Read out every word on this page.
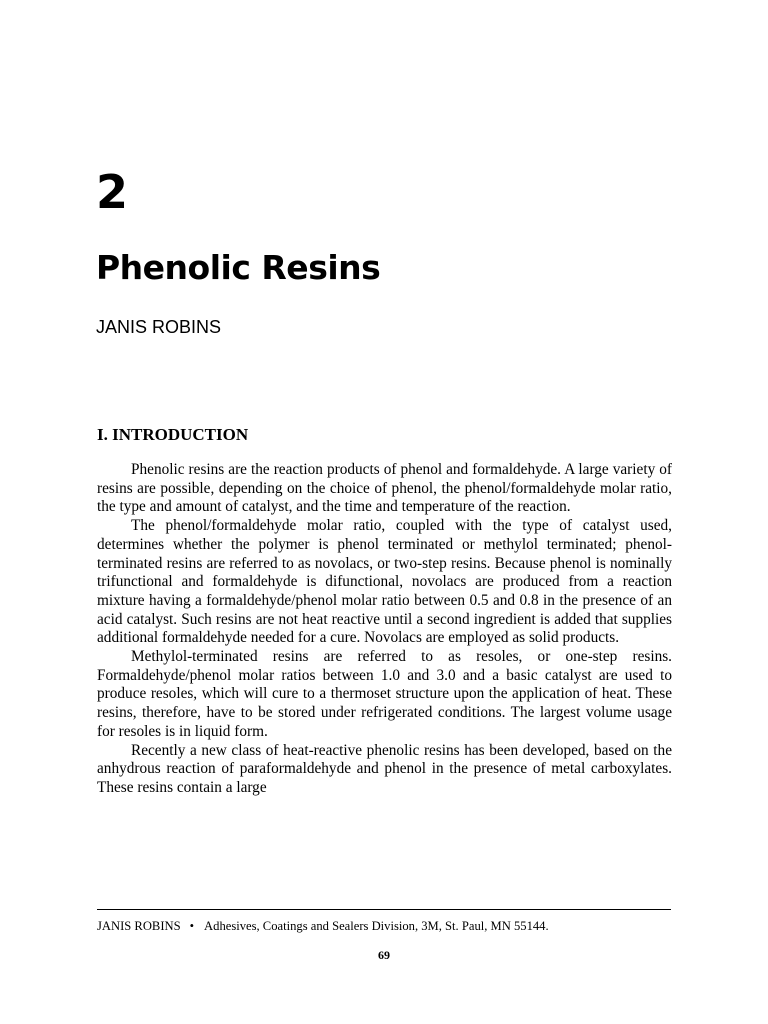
2
Phenolic Resins
JANIS ROBINS
I. INTRODUCTION

Phenolic resins are the reaction products of phenol and formaldehyde. A large variety of resins are possible, depending on the choice of phenol, the phenol/formaldehyde molar ratio, the type and amount of catalyst, and the time and temperature of the reaction.

The phenol/formaldehyde molar ratio, coupled with the type of catalyst used, determines whether the polymer is phenol terminated or methylol terminated; phenol-terminated resins are referred to as novolacs, or two-step resins. Because phenol is nominally trifunctional and formaldehyde is difunctional, novolacs are produced from a reaction mixture having a formaldehyde/phenol molar ratio between 0.5 and 0.8 in the presence of an acid catalyst. Such resins are not heat reactive until a second ingredient is added that supplies additional formaldehyde needed for a cure. Novolacs are employed as solid products.

Methylol-terminated resins are referred to as resoles, or one-step resins. Formaldehyde/phenol molar ratios between 1.0 and 3.0 and a basic catalyst are used to produce resoles, which will cure to a thermoset structure upon the application of heat. These resins, therefore, have to be stored under refrigerated conditions. The largest volume usage for resoles is in liquid form.

Recently a new class of heat-reactive phenolic resins has been developed, based on the anhydrous reaction of paraformaldehyde and phenol in the presence of metal carboxylates. These resins contain a large

JANIS ROBINS • Adhesives, Coatings and Sealers Division, 3M, St. Paul, MN 55144.
69
